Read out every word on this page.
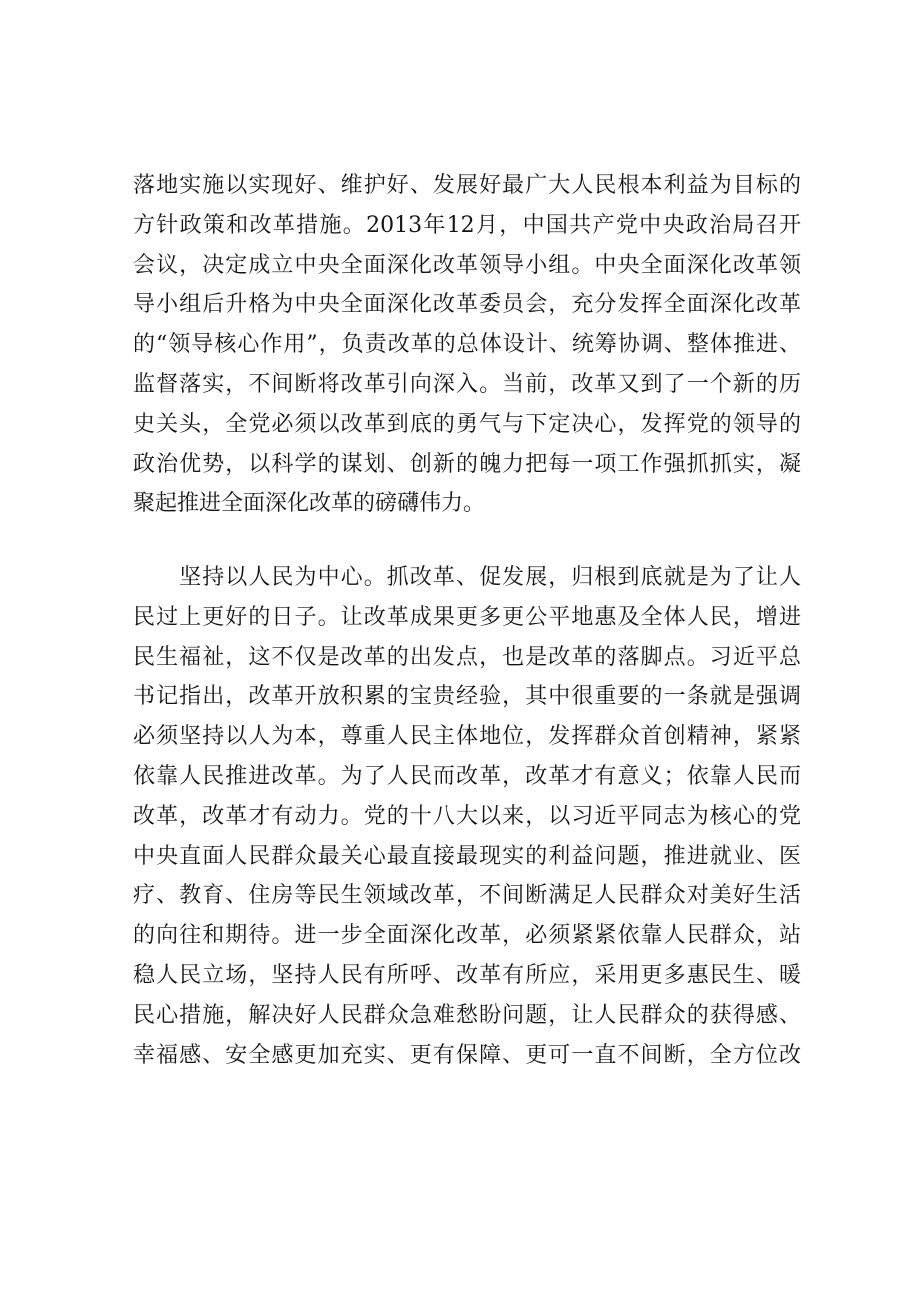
落地实施以实现好、维护好、发展好最广大人民根本利益为目标的
方针政策和改革措施。2013年12月，中国共产党中央政治局召开
会议，决定成立中央全面深化改革领导小组。中央全面深化改革领
导小组后升格为中央全面深化改革委员会，充分发挥全面深化改革
的“领导核心作用”，负责改革的总体设计、统筹协调、整体推进、
监督落实，不间断将改革引向深入。当前，改革又到了一个新的历
史关头，全党必须以改革到底的勇气与下定决心，发挥党的领导的
政治优势，以科学的谋划、创新的魄力把每一项工作强抓抓实，凝
聚起推进全面深化改革的磅礴伟力。
　　坚持以人民为中心。抓改革、促发展，归根到底就是为了让人
民过上更好的日子。让改革成果更多更公平地惠及全体人民，增进
民生福祉，这不仅是改革的出发点，也是改革的落脚点。习近平总
书记指出，改革开放积累的宝贵经验，其中很重要的一条就是强调
必须坚持以人为本，尊重人民主体地位，发挥群众首创精神，紧紧
依靠人民推进改革。为了人民而改革，改革才有意义；依靠人民而
改革，改革才有动力。党的十八大以来，以习近平同志为核心的党
中央直面人民群众最关心最直接最现实的利益问题，推进就业、医
疗、教育、住房等民生领域改革，不间断满足人民群众对美好生活
的向往和期待。进一步全面深化改革，必须紧紧依靠人民群众，站
稳人民立场，坚持人民有所呼、改革有所应，采用更多惠民生、暖
民心措施，解决好人民群众急难愁盼问题，让人民群众的获得感、
幸福感、安全感更加充实、更有保障、更可一直不间断，全方位改
